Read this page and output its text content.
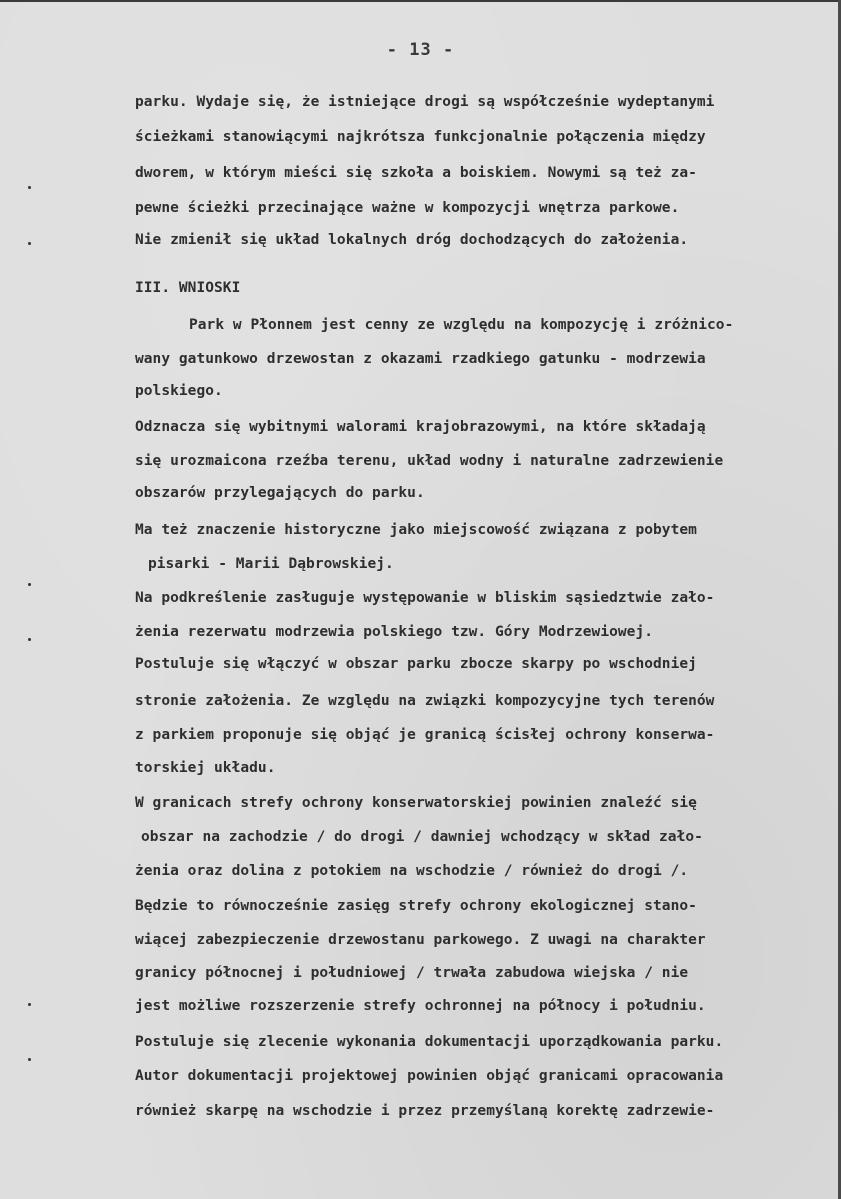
- 13 -
parku. Wydaje się, że istniejące drogi są współcześnie wydeptanymi
ścieżkami stanowiącymi najkrótsza funkcjonalnie połączenia między
dworem, w którym mieści się szkoła a boiskiem. Nowymi są też za-
pewne ścieżki przecinające ważne w kompozycji wnętrza parkowe.
Nie zmienił się układ lokalnych dróg dochodzących do założenia.
III. WNIOSKI
Park w Płonnem jest cenny ze względu na kompozycję i zróżnico-
wany gatunkowo drzewostan z okazami rzadkiego gatunku - modrzewia
polskiego.
Odznacza się wybitnymi walorami krajobrazowymi, na które składają
się urozmaicona rzeźba terenu, układ wodny i naturalne zadrzewienie
obszarów przylegających do parku.
Ma też znaczenie historyczne jako miejscowość związana z pobytem
pisarki - Marii Dąbrowskiej.
Na podkreślenie zasługuje występowanie w bliskim sąsiedztwie zało-
żenia rezerwatu modrzewia polskiego tzw. Góry Modrzewiowej.
Postuluje się włączyć w obszar parku zbocze skarpy po wschodniej
stronie założenia. Ze względu na związki kompozycyjne tych terenów
z parkiem proponuje się objąć je granicą ścisłej ochrony konserwa-
torskiej układu.
W granicach strefy ochrony konserwatorskiej powinien znaleźć się
obszar na zachodzie / do drogi / dawniej wchodzący w skład zało-
żenia oraz dolina z potokiem na wschodzie / również do drogi /.
Będzie to równocześnie zasięg strefy ochrony ekologicznej stano-
wiącej zabezpieczenie drzewostanu parkowego. Z uwagi na charakter
granicy północnej i południowej / trwała zabudowa wiejska / nie
jest możliwe rozszerzenie strefy ochronnej na północy i południu.
Postuluje się zlecenie wykonania dokumentacji uporządkowania parku.
Autor dokumentacji projektowej powinien objąć granicami opracowania
również skarpę na wschodzie i przez przemyślaną korektę zadrzewie-
